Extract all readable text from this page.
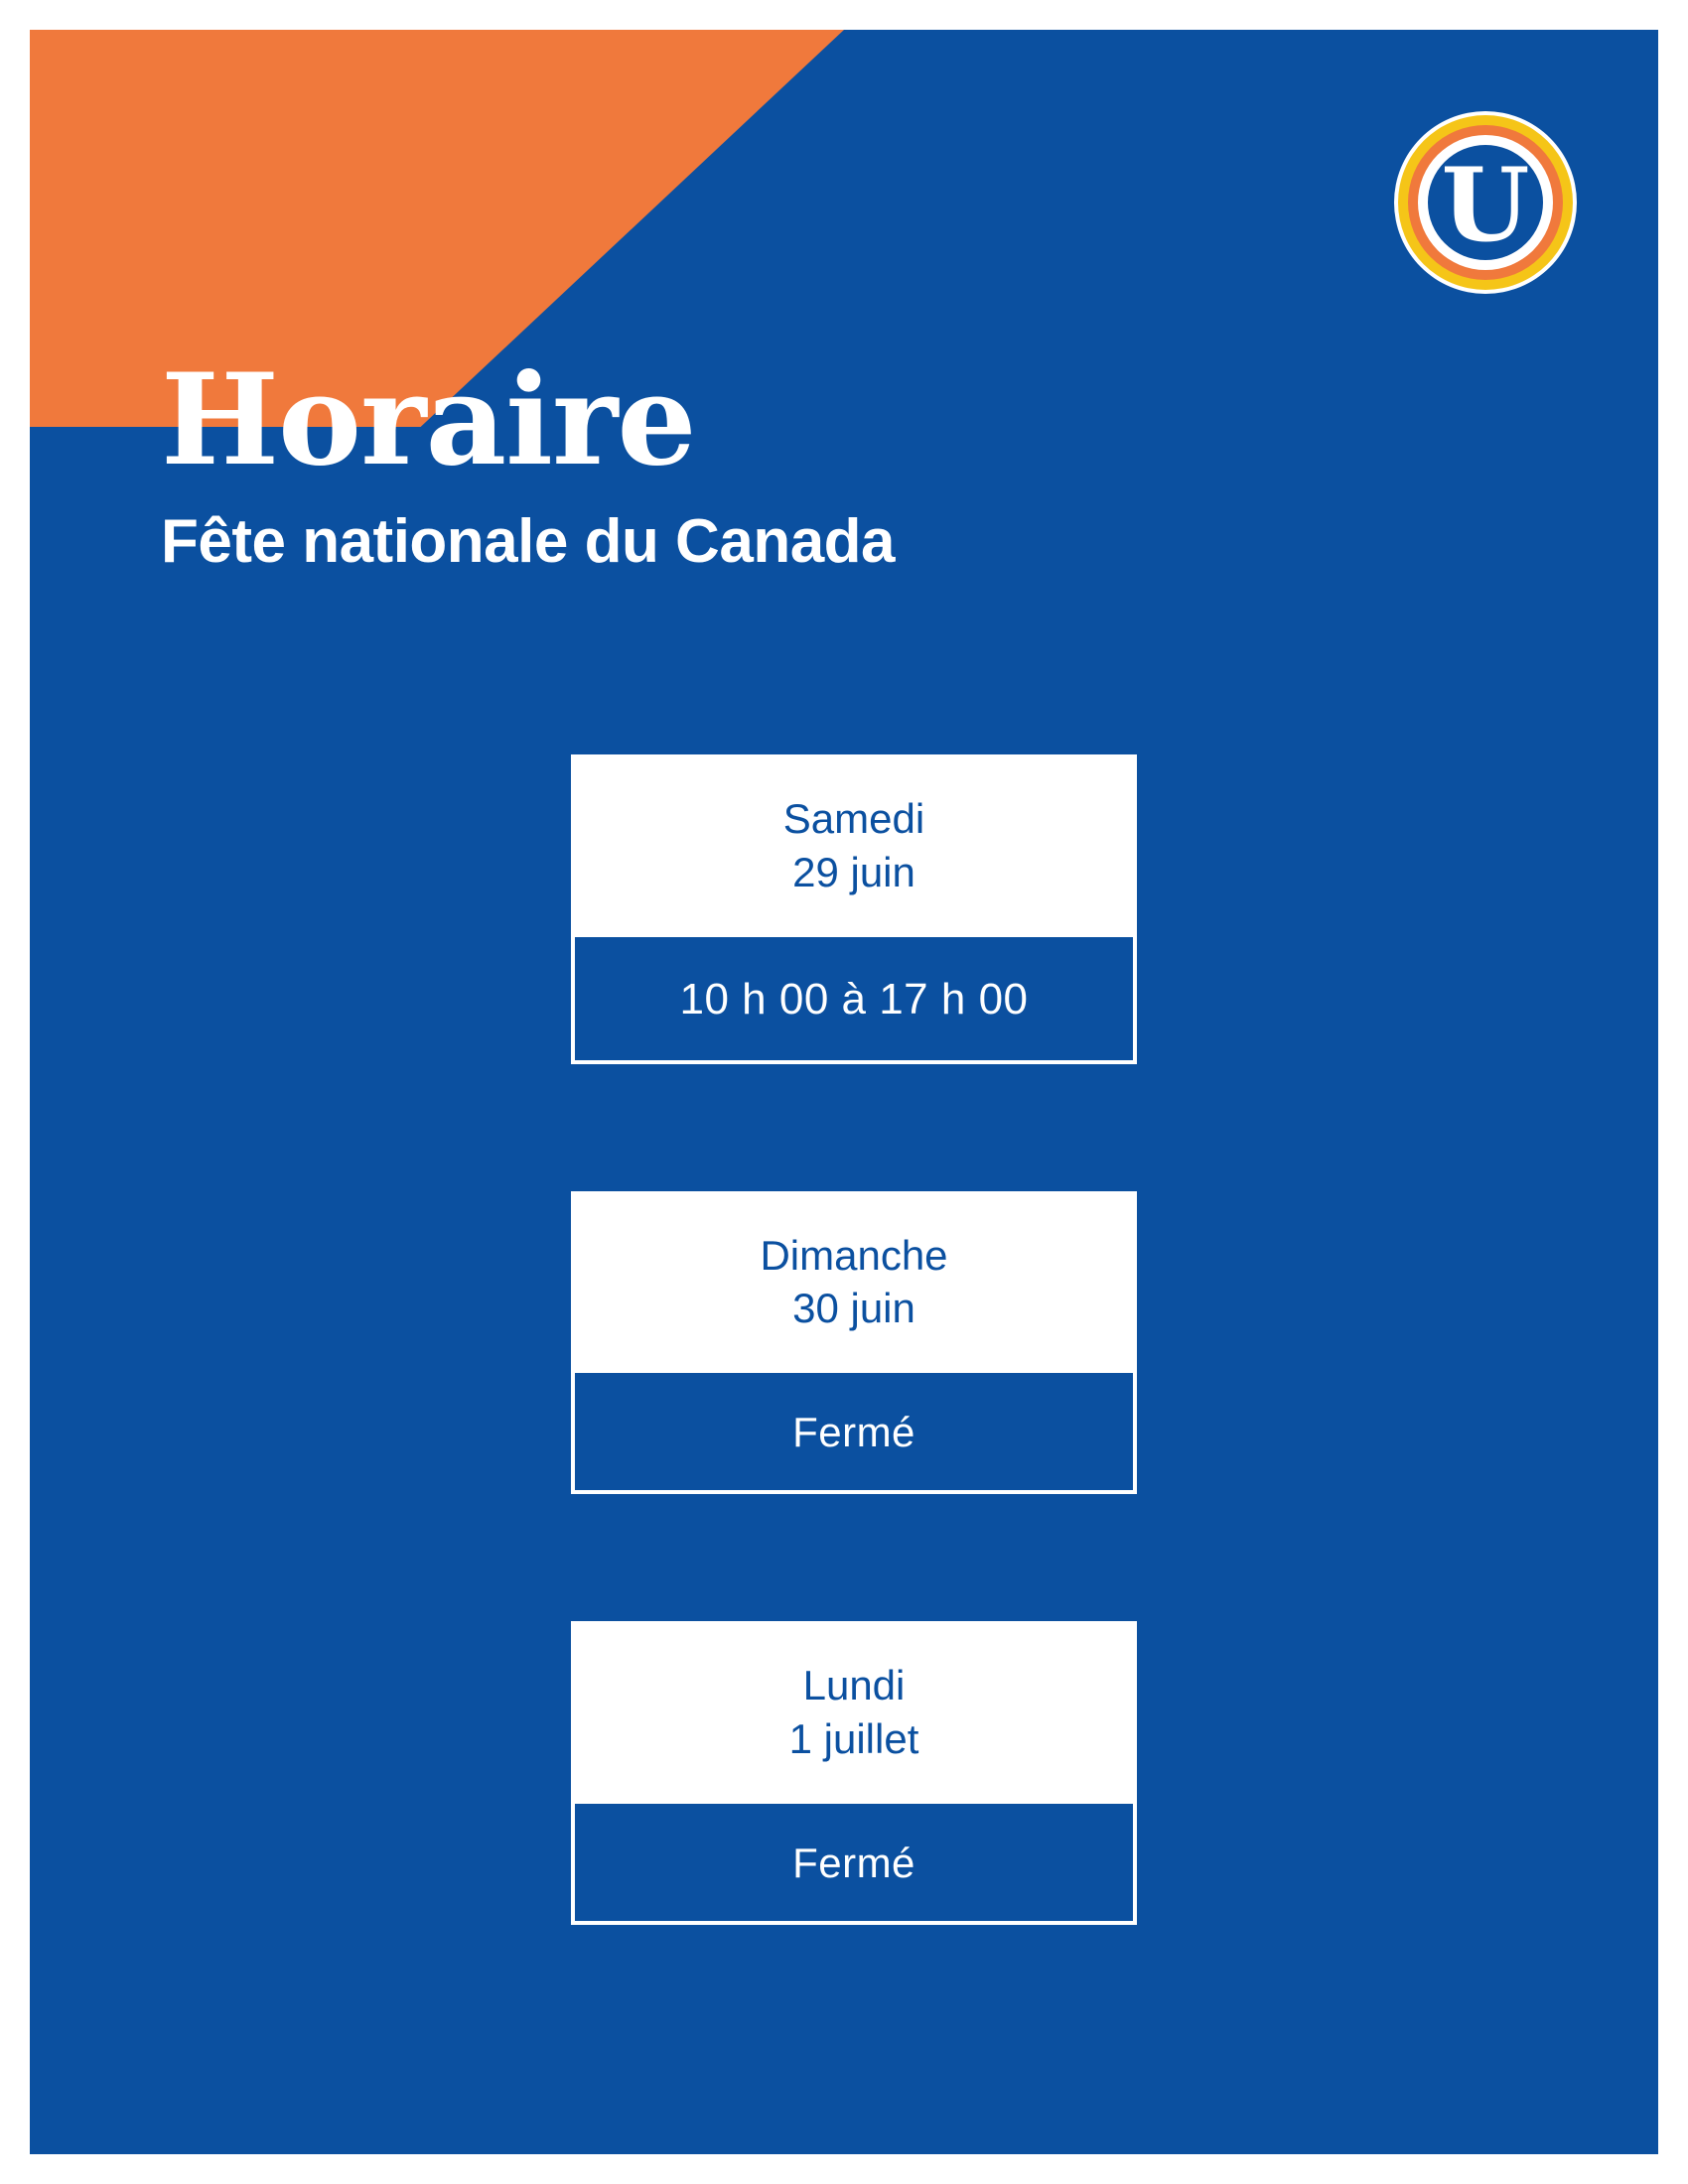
U
Horaire
Fête nationale du Canada
Samedi
29 juin
10 h 00 à 17 h 00
Dimanche
30 juin
Fermé
Lundi
1 juillet
Fermé
